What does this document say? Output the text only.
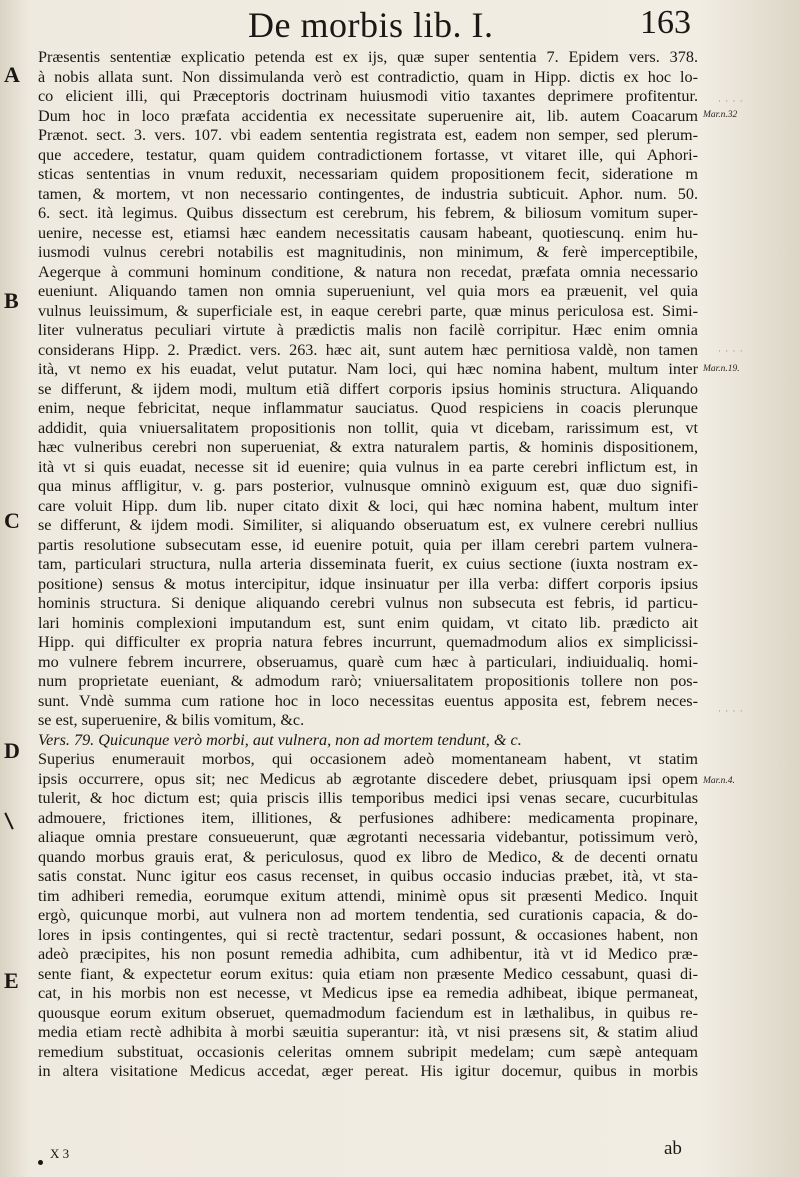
De morbis lib. I.	163
A
B
C
D
E
Mar.n.32
Mar.n.19.
Mar.n.4.
· · · ·
· · · ·
· · · ·
Præsentis sententiæ explicatio petenda est ex ijs, quæ super sententia 7. Epidem vers. 378.
à nobis allata sunt. Non dissimulanda verò est contradictio, quam in Hipp. dictis ex hoc lo-
co elicient illi, qui Præceptoris doctrinam huiusmodi vitio taxantes deprimere profitentur.
Dum hoc in loco præfata accidentia ex necessitate superuenire ait, lib. autem Coacarum
Prænot. sect. 3. vers. 107. vbi eadem sententia registrata est, eadem non semper, sed plerum-
que accedere, testatur, quam quidem contradictionem fortasse, vt vitaret ille, qui Aphori-
sticas sententias in vnum reduxit, necessariam quidem propositionem fecit, sideratione m
tamen, & mortem, vt non necessario contingentes, de industria subticuit. Aphor. num. 50.
6. sect. ità legimus. Quibus dissectum est cerebrum, his febrem, & biliosum vomitum super-
uenire, necesse est, etiamsi hæc eandem necessitatis causam habeant, quotiescunq. enim hu-
iusmodi vulnus cerebri notabilis est magnitudinis, non minimum, & ferè imperceptibile,
Aegerque à communi hominum conditione, & natura non recedat, præfata omnia necessario
eueniunt. Aliquando tamen non omnia superueniunt, vel quia mors ea præuenit, vel quia
vulnus leuissimum, & superficiale est, in eaque cerebri parte, quæ minus periculosa est. Simi-
liter vulneratus peculiari virtute à prædictis malis non facilè corripitur. Hæc enim omnia
considerans Hipp. 2. Prædict. vers. 263. hæc ait, sunt autem hæc pernitiosa valdè, non tamen
ità, vt nemo ex his euadat, velut putatur. Nam loci, qui hæc nomina habent, multum inter
se differunt, & ijdem modi, multum etiã differt corporis ipsius hominis structura. Aliquando
enim, neque febricitat, neque inflammatur sauciatus. Quod respiciens in coacis plerunque
addidit, quia vniuersalitatem propositionis non tollit, quia vt dicebam, rarissimum est, vt
hæc vulneribus cerebri non superueniat, & extra naturalem partis, & hominis dispositionem,
ità vt si quis euadat, necesse sit id euenire; quia vulnus in ea parte cerebri inflictum est, in
qua minus affligitur, v. g. pars posterior, vulnusque omninò exiguum est, quæ duo signifi-
care voluit Hipp. dum lib. nuper citato dixit & loci, qui hæc nomina habent, multum inter
se differunt, & ijdem modi. Similiter, si aliquando obseruatum est, ex vulnere cerebri nullius
partis resolutione subsecutam esse, id euenire potuit, quia per illam cerebri partem vulnera-
tam, particulari structura, nulla arteria disseminata fuerit, ex cuius sectione (iuxta nostram ex-
positione) sensus & motus intercipitur, idque insinuatur per illa verba: differt corporis ipsius
hominis structura. Si denique aliquando cerebri vulnus non subsecuta est febris, id particu-
lari hominis complexioni imputandum est, sunt enim quidam, vt citato lib. prædicto ait
Hipp. qui difficulter ex propria natura febres incurrunt, quemadmodum alios ex simplicissi-
mo vulnere febrem incurrere, obseruamus, quarè cum hæc à particulari, indiuidualiq. homi-
num proprietate eueniant, & admodum rarò; vniuersalitatem propositionis tollere non pos-
sunt. Vndè summa cum ratione hoc in loco necessitas euentus apposita est, febrem neces-
se est, superuenire, & bilis vomitum, &c.
Vers. 79. Quicunque verò morbi, aut vulnera, non ad mortem tendunt, & c.
Superius enumerauit morbos, qui occasionem adeò momentaneam habent, vt statim
ipsis occurrere, opus sit; nec Medicus ab ægrotante discedere debet, priusquam ipsi opem
tulerit, & hoc dictum est; quia priscis illis temporibus medici ipsi venas secare, cucurbitulas
admouere, frictiones item, illitiones, & perfusiones adhibere: medicamenta propinare,
aliaque omnia prestare consueuerunt, quæ ægrotanti necessaria videbantur, potissimum verò,
quando morbus grauis erat, & periculosus, quod ex libro de Medico, & de decenti ornatu
satis constat. Nunc igitur eos casus recenset, in quibus occasio inducias præbet, ità, vt sta-
tim adhiberi remedia, eorumque exitum attendi, minimè opus sit præsenti Medico. Inquit
ergò, quicunque morbi, aut vulnera non ad mortem tendentia, sed curationis capacia, & do-
lores in ipsis contingentes, qui si rectè tractentur, sedari possunt, & occasiones habent, non
adeò præcipites, his non posunt remedia adhibita, cum adhibentur, ità vt id Medico præ-
sente fiant, & expectetur eorum exitus: quia etiam non præsente Medico cessabunt, quasi di-
cat, in his morbis non est necesse, vt Medicus ipse ea remedia adhibeat, ibique permaneat,
quousque eorum exitum obseruet, quemadmodum faciendum est in læthalibus, in quibus re-
media etiam rectè adhibita à morbi sæuitia superantur: ità, vt nisi præsens sit, & statim aliud
remedium substituat, occasionis celeritas omnem subripit medelam; cum sæpè antequam
in altera visitatione Medicus accedat, æger pereat. His igitur docemur, quibus in morbis
X 3	ab
